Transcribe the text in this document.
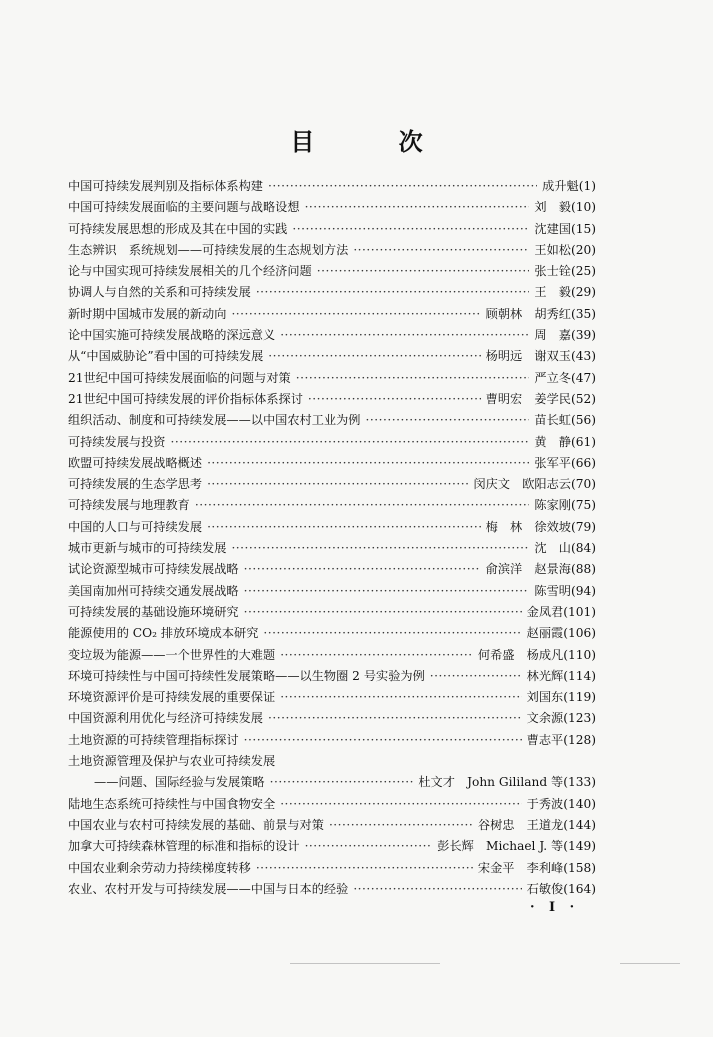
目 次
中国可持续发展判别及指标体系构建 ·····	成升魁(1)
中国可持续发展面临的主要问题与战略设想 ·····	刘　毅(10)
可持续发展思想的形成及其在中国的实践 ·····	沈建国(15)
生态辨识　系统规划——可持续发展的生态规划方法 ·····	王如松(20)
论与中国实现可持续发展相关的几个经济问题 ·····	张士铨(25)
协调人与自然的关系和可持续发展 ·····	王　毅(29)
新时期中国城市发展的新动向 ·····	顾朝林　胡秀红(35)
论中国实施可持续发展战略的深远意义 ·····	周　嘉(39)
从“中国威胁论”看中国的可持续发展 ·····	杨明远　谢双玉(43)
21世纪中国可持续发展面临的问题与对策 ·····	严立冬(47)
21世纪中国可持续发展的评价指标体系探讨 ·····	曹明宏　姜学民(52)
组织活动、制度和可持续发展——以中国农村工业为例 ·····	苗长虹(56)
可持续发展与投资 ·····	黄　静(61)
欧盟可持续发展战略概述 ·····	张军平(66)
可持续发展的生态学思考 ·····	闵庆文　欧阳志云(70)
可持续发展与地理教育 ·····	陈家刚(75)
中国的人口与可持续发展 ·····	梅　林　徐效坡(79)
城市更新与城市的可持续发展 ·····	沈　山(84)
试论资源型城市可持续发展战略 ·····	俞滨洋　赵景海(88)
美国南加州可持续交通发展战略 ·····	陈雪明(94)
可持续发展的基础设施环境研究 ·····	金凤君(101)
能源使用的 CO₂ 排放环境成本研究 ·····	赵丽霞(106)
变垃圾为能源——一个世界性的大难题 ·····	何希盛　杨成凡(110)
环境可持续性与中国可持续性发展策略——以生物圈 2 号实验为例 ·····	林光辉(114)
环境资源评价是可持续发展的重要保证 ·····	刘国东(119)
中国资源利用优化与经济可持续发展 ·····	文余源(123)
土地资源的可持续管理指标探讨 ·····	曹志平(128)
土地资源管理及保护与农业可持续发展
——问题、国际经验与发展策略 ·····	杜文才　John Gililand 等(133)
陆地生态系统可持续性与中国食物安全 ·····	于秀波(140)
中国农业与农村可持续发展的基础、前景与对策 ·····	谷树忠　王道龙(144)
加拿大可持续森林管理的标准和指标的设计 ·····	彭长辉　Michael J. 等(149)
中国农业剩余劳动力持续梯度转移 ·····	宋金平　李利峰(158)
农业、农村开发与可持续发展——中国与日本的经验 ·····	石敏俊(164)
· I ·
